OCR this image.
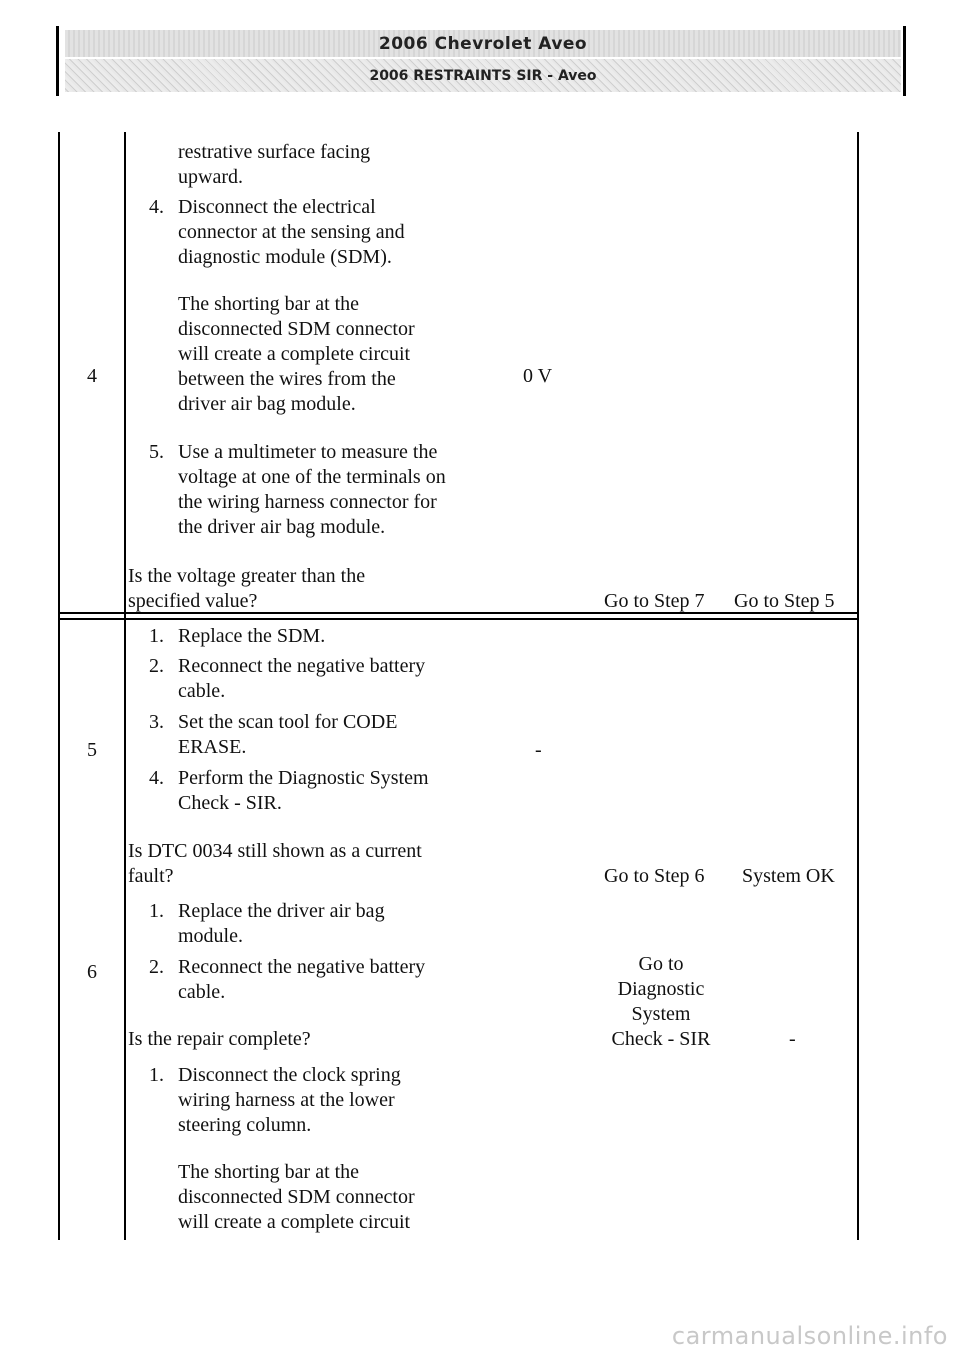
2006 Chevrolet Aveo
2006 RESTRAINTS SIR - Aveo
4
restrative surface facing
upward.
4. Disconnect the electrical
connector at the sensing and
diagnostic module (SDM).
The shorting bar at the
disconnected SDM connector
will create a complete circuit
between the wires from the
driver air bag module.
5. Use a multimeter to measure the
voltage at one of the terminals on
the wiring harness connector for
the driver air bag module.
Is the voltage greater than the
specified value?
0 V
Go to Step 7 Go to Step 5
5
1. Replace the SDM.
2. Reconnect the negative battery
cable.
3. Set the scan tool for CODE
ERASE.
4. Perform the Diagnostic System
Check - SIR.
Is DTC 0034 still shown as a current
fault?
-
Go to Step 6 System OK
6
1. Replace the driver air bag
module.
2. Reconnect the negative battery
cable.
Is the repair complete?
Go to
Diagnostic
System
Check - SIR	-
1. Disconnect the clock spring
wiring harness at the lower
steering column.
The shorting bar at the
disconnected SDM connector
will create a complete circuit
carmanualsonline.info
